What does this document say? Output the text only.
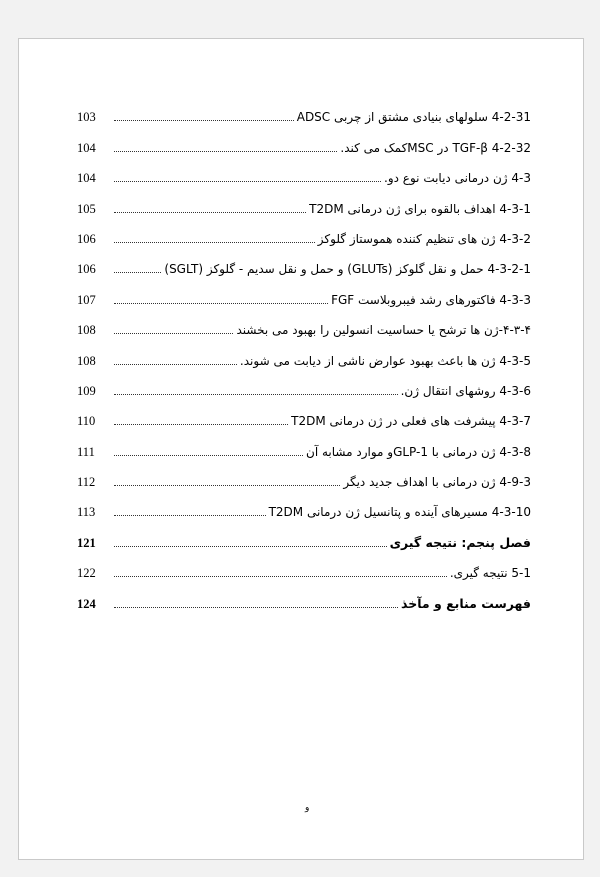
103	4-2-31 سلولهای بنیادی مشتق از چربی ADSC
104	4-2-32 TGF-β در MSCکمک می کند.
104	4-3 ژن درمانی دیابت نوع دو.
105	4-3-1 اهداف بالقوه برای ژن درمانی T2DM
106	4-3-2 ژن های تنظیم کننده هموستاز گلوکز
106	4-3-2-1 حمل و نقل گلوکز (GLUTs) و حمل و نقل سدیم - گلوکز (SGLT)
107	4-3-3 فاکتورهای رشد فیبروبلاست FGF
108	۴-۳-۴-ژن ها ترشح یا حساسیت انسولین را بهبود می بخشند
108	4-3-5 ژن ها باعث بهبود عوارض ناشی از دیابت می شوند.
109	4-3-6 روشهای انتقال ژن.
110	4-3-7 پیشرفت های فعلی در ژن درمانی T2DM
111	4-3-8 ژن درمانی با GLP-1و موارد مشابه آن
112	4-9-3 ژن درمانی با اهداف جدید دیگر
113	4-3-10 مسیرهای آینده و پتانسیل ژن درمانی T2DM
121	فصل پنجم: نتیجه گیری
122	5-1 نتیجه گیری.
124	فهرست منابع و مآخذ
و
